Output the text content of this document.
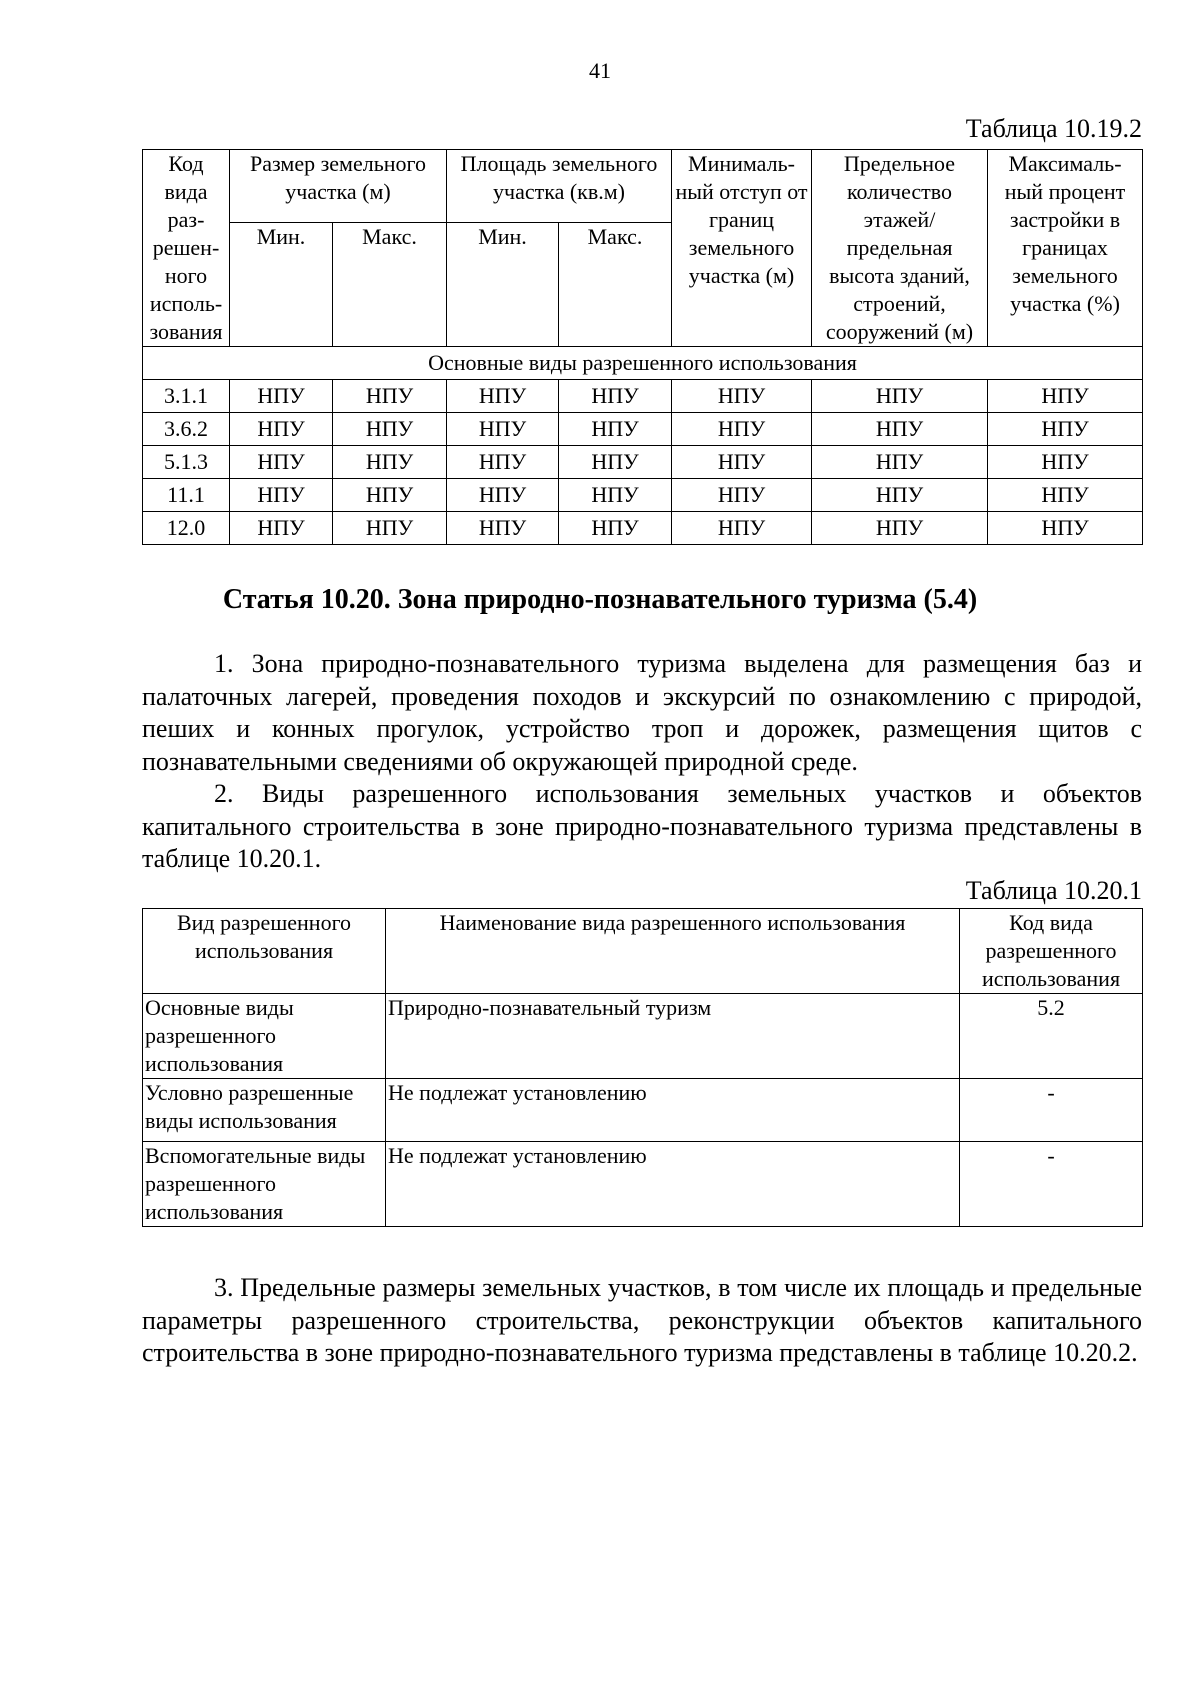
41
Таблица 10.19.2
Код вида раз-решен-ного исполь-зования	Размер земельного участка (м)		Площадь земельного участка (кв.м)		Минималь-ный отступ от границ земельного участка (м)	Предельное количество этажей/ предельная высота зданий, строений, сооружений (м)	Максималь-ный процент застройки в границах земельного участка (%)
	Мин.	Макс.	Мин.	Макс.			
Основные виды разрешенного использования							
3.1.1	НПУ	НПУ	НПУ	НПУ	НПУ	НПУ	НПУ
3.6.2	НПУ	НПУ	НПУ	НПУ	НПУ	НПУ	НПУ
5.1.3	НПУ	НПУ	НПУ	НПУ	НПУ	НПУ	НПУ
11.1	НПУ	НПУ	НПУ	НПУ	НПУ	НПУ	НПУ
12.0	НПУ	НПУ	НПУ	НПУ	НПУ	НПУ	НПУ
Статья 10.20. Зона природно-познавательного туризма (5.4)

1. Зона природно-познавательного туризма выделена для размещения баз и палаточных лагерей, проведения походов и экскурсий по ознакомлению с природой, пеших и конных прогулок, устройство троп и дорожек, размещения щитов с познавательными сведениями об окружающей природной среде.

2. Виды разрешенного использования земельных участков и объектов капитального строительства в зоне природно-познавательного туризма представлены в таблице 10.20.1.

Таблица 10.20.1
Вид разрешенного использования	Наименование вида разрешенного использования	Код вида разрешенного использования
Основные виды разрешенного использования	Природно-познавательный туризм	5.2
Условно разрешенные виды использования	Не подлежат установлению	-
Вспомогательные виды разрешенного использования	Не подлежат установлению	-

3. Предельные размеры земельных участков, в том числе их площадь и предельные параметры разрешенного строительства, реконструкции объектов капитального строительства в зоне природно-познавательного туризма представлены в таблице 10.20.2.
